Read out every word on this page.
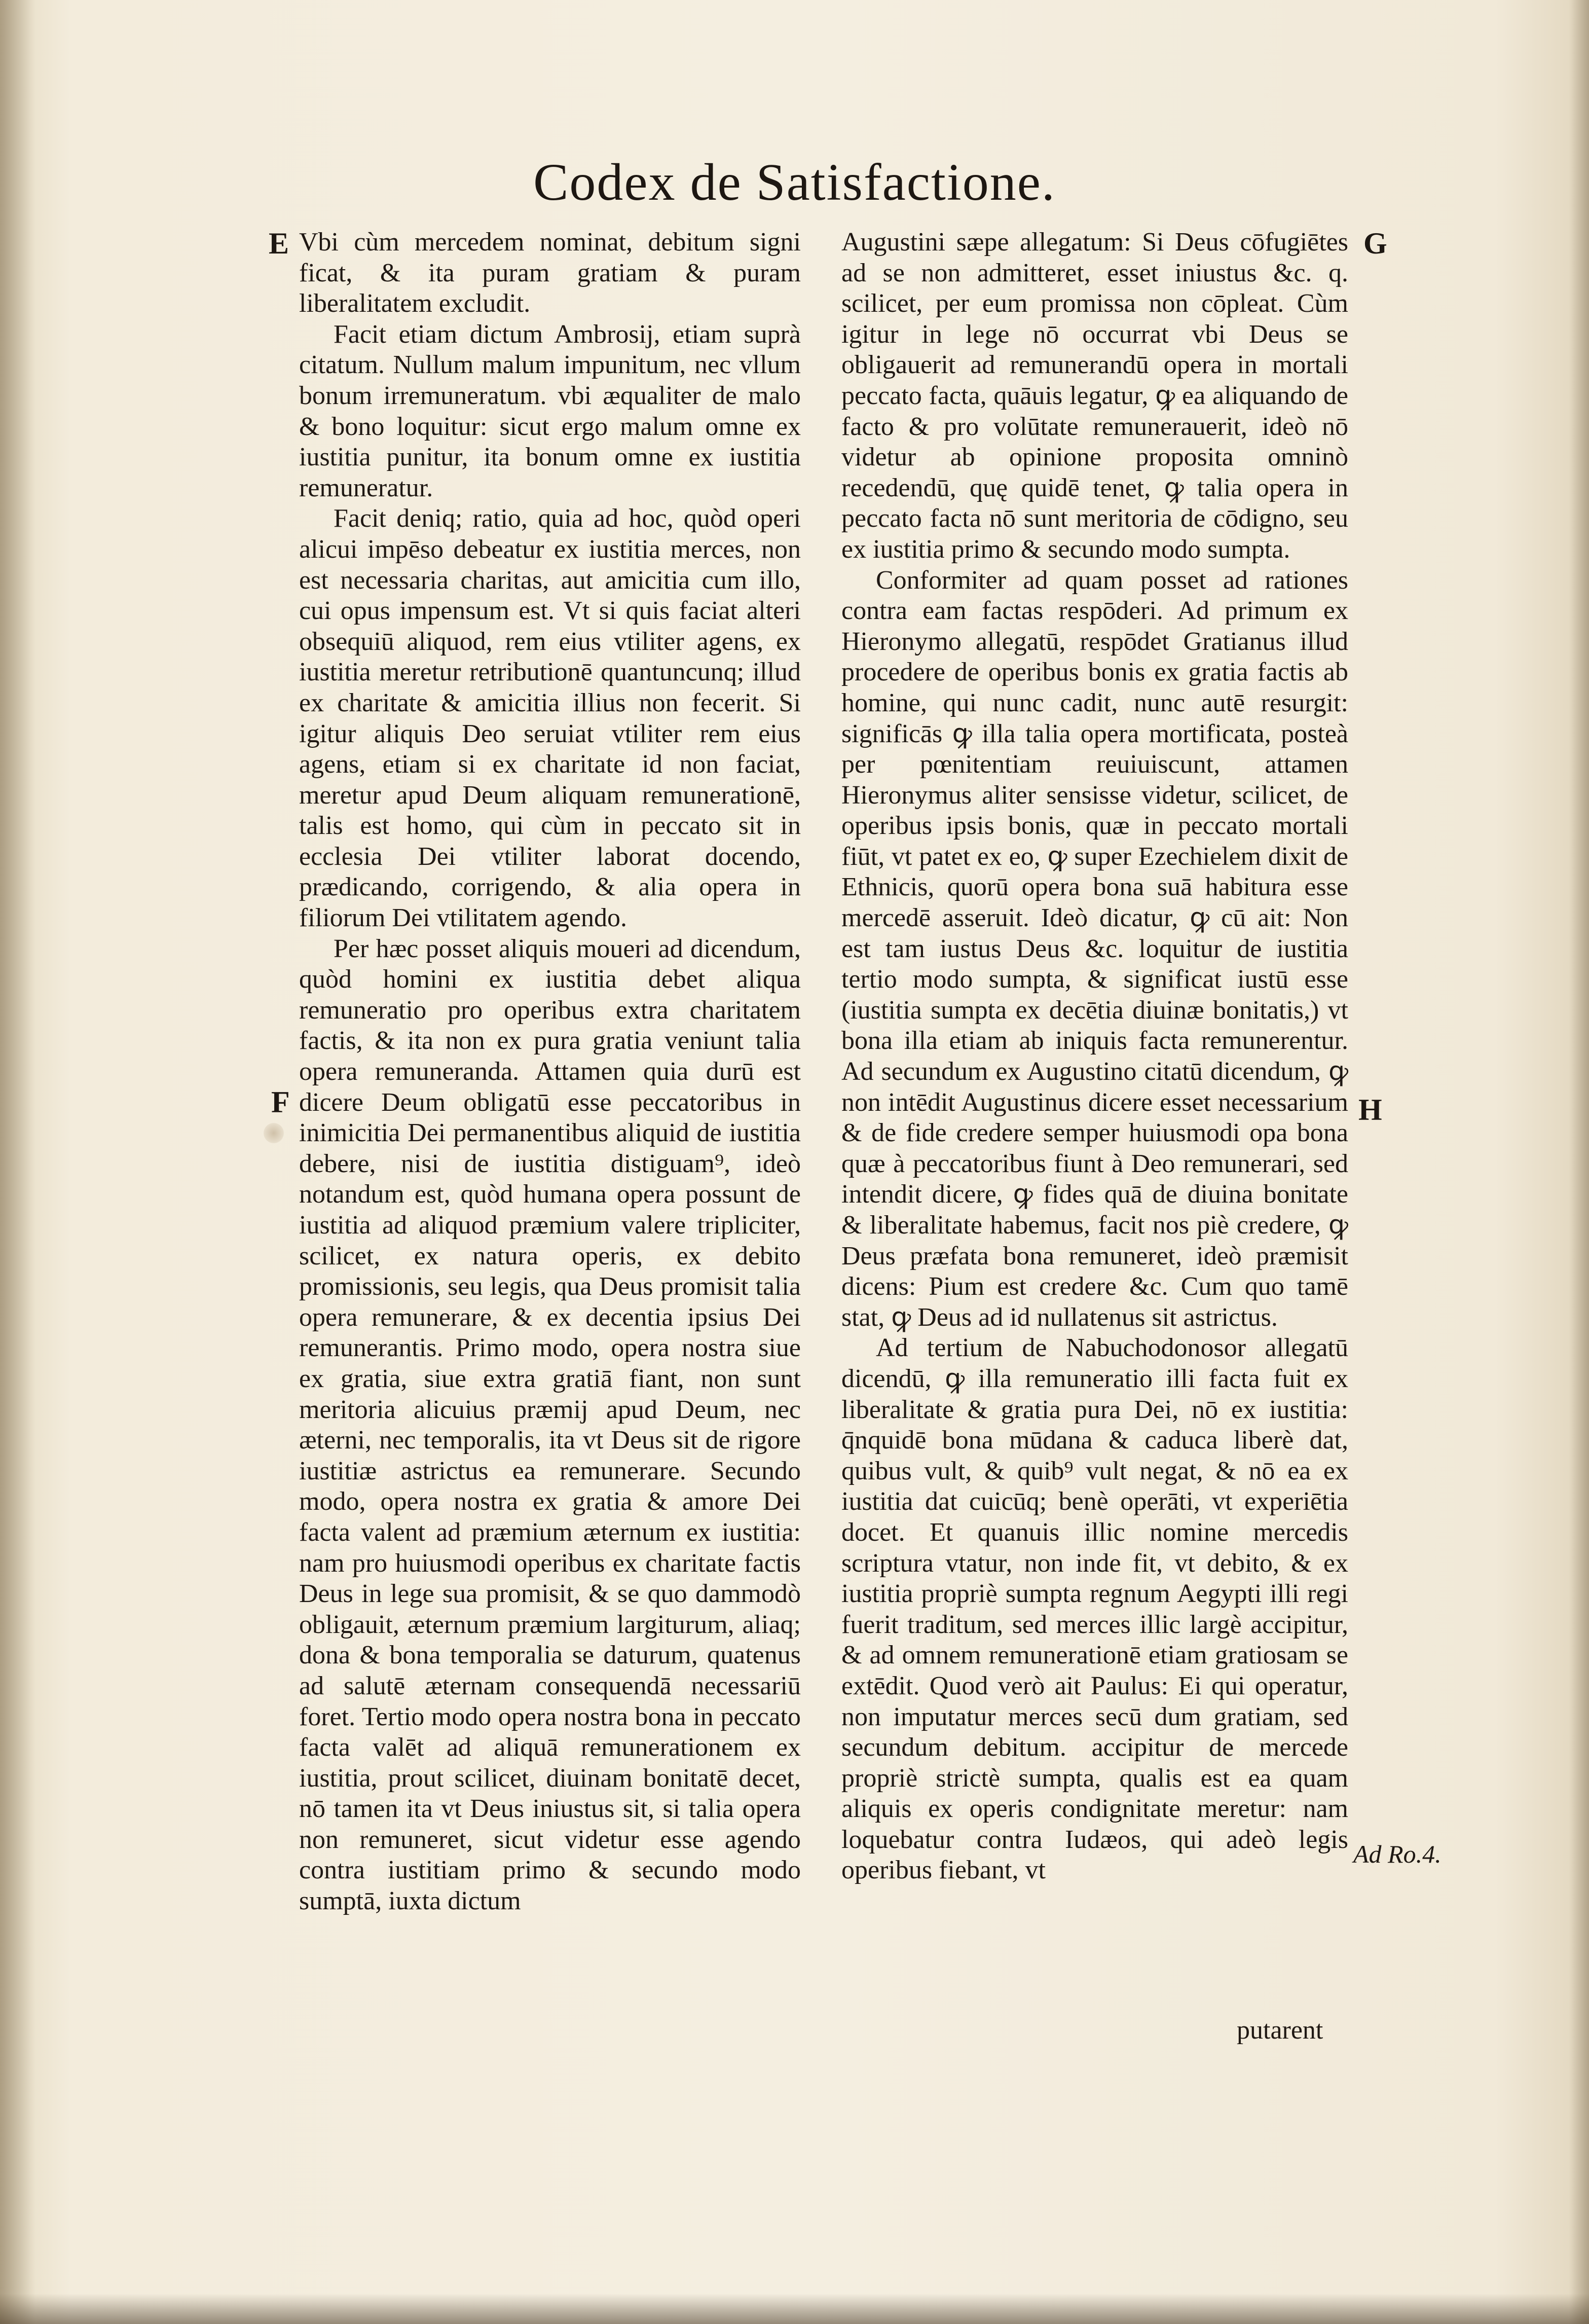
Codex de Satisfactione.
E
F
G
H
Ad Ro.4.

Vbi cùm mercedem nominat, debitum signi ficat, & ita puram gratiam & puram liberalitatem excludit.

Facit etiam dictum Ambrosij, etiam suprà citatum. Nullum malum impunitum, nec vllum bonum irremuneratum. vbi æqualiter de malo & bono loquitur: sicut ergo malum omne ex iustitia punitur, ita bonum omne ex iustitia remuneratur.

Facit deniq; ratio, quia ad hoc, quòd operi alicui impēso debeatur ex iustitia merces, non est necessaria charitas, aut amicitia cum illo, cui opus impensum est. Vt si quis faciat alteri obsequiū aliquod, rem eius vtiliter agens, ex iustitia meretur retributionē quantuncunq; illud ex charitate & amicitia illius non fecerit. Si igitur aliquis Deo seruiat vtiliter rem eius agens, etiam si ex charitate id non faciat, meretur apud Deum aliquam remunerationē, talis est homo, qui cùm in peccato sit in ecclesia Dei vtiliter laborat docendo, prædicando, corrigendo, & alia opera in filiorum Dei vtilitatem agendo.

Per hæc posset aliquis moueri ad dicendum, quòd homini ex iustitia debet aliqua remuneratio pro operibus extra charitatem factis, & ita non ex pura gratia veniunt talia opera remuneranda. Attamen quia durū est dicere Deum obligatū esse peccatoribus in inimicitia Dei permanentibus aliquid de iustitia debere, nisi de iustitia distiguam⁹, ideò notandum est, quòd humana opera possunt de iustitia ad aliquod præmium valere tripliciter, scilicet, ex natura operis, ex debito promissionis, seu legis, qua Deus promisit talia opera remunerare, & ex decentia ipsius Dei remunerantis. Primo modo, opera nostra siue ex gratia, siue extra gratiā fiant, non sunt meritoria alicuius præmij apud Deum, nec æterni, nec temporalis, ita vt Deus sit de rigore iustitiæ astrictus ea remunerare. Secundo modo, opera nostra ex gratia & amore Dei facta valent ad præmium æternum ex iustitia: nam pro huiusmodi operibus ex charitate factis Deus in lege sua promisit, & se quo dammodò obligauit, æternum præmium largiturum, aliaq; dona & bona temporalia se daturum, quatenus ad salutē æternam consequendā necessariū foret. Tertio modo opera nostra bona in peccato facta valēt ad aliquā remunerationem ex iustitia, prout scilicet, diuinam bonitatē decet, nō tamen ita vt Deus iniustus sit, si talia opera non remuneret, sicut videtur esse agendo contra iustitiam primo & secundo modo sumptā, iuxta dictum

Augustini sæpe allegatum: Si Deus cōfugiētes ad se non admitteret, esset iniustus &c. q. scilicet, per eum promissa non cōpleat. Cùm igitur in lege nō occurrat vbi Deus se obligauerit ad remunerandū opera in mortali peccato facta, quāuis legatur, ꝙ ea aliquando de facto & pro volūtate remunerauerit, ideò nō videtur ab opinione proposita omninò recedendū, quę quidē tenet, ꝙ talia opera in peccato facta nō sunt meritoria de cōdigno, seu ex iustitia primo & secundo modo sumpta.

Conformiter ad quam posset ad rationes contra eam factas respōderi. Ad primum ex Hieronymo allegatū, respōdet Gratianus illud procedere de operibus bonis ex gratia factis ab homine, qui nunc cadit, nunc autē resurgit: significās ꝙ illa talia opera mortificata, posteà per pœnitentiam reuiuiscunt, attamen Hieronymus aliter sensisse videtur, scilicet, de operibus ipsis bonis, quæ in peccato mortali fiūt, vt patet ex eo, ꝙ super Ezechielem dixit de Ethnicis, quorū opera bona suā habitura esse mercedē asseruit. Ideò dicatur, ꝙ cū ait: Non est tam iustus Deus &c. loquitur de iustitia tertio modo sumpta, & significat iustū esse (iustitia sumpta ex decētia diuinæ bonitatis,) vt bona illa etiam ab iniquis facta remunerentur. Ad secundum ex Augustino citatū dicendum, ꝙ non intēdit Augustinus dicere esset necessarium & de fide credere semper huiusmodi opa bona quæ à peccatoribus fiunt à Deo remunerari, sed intendit dicere, ꝙ fides quā de diuina bonitate & liberalitate habemus, facit nos piè credere, ꝙ Deus præfata bona remuneret, ideò præmisit dicens: Pium est credere &c. Cum quo tamē stat, ꝙ Deus ad id nullatenus sit astrictus.

Ad tertium de Nabuchodonosor allegatū dicendū, ꝙ illa remuneratio illi facta fuit ex liberalitate & gratia pura Dei, nō ex iustitia: q̄nquidē bona mūdana & caduca liberè dat, quibus vult, & quib⁹ vult negat, & nō ea ex iustitia dat cuicūq; benè operāti, vt experiētia docet. Et quanuis illic nomine mercedis scriptura vtatur, non inde fit, vt debito, & ex iustitia propriè sumpta regnum Aegypti illi regi fuerit traditum, sed merces illic largè accipitur, & ad omnem remunerationē etiam gratiosam se extēdit. Quod verò ait Paulus: Ei qui operatur, non imputatur merces secū dum gratiam, sed secundum debitum. accipitur de mercede propriè strictè sumpta, qualis est ea quam aliquis ex operis condignitate meretur: nam loquebatur contra Iudæos, qui adeò legis operibus fiebant, vt

putarent
